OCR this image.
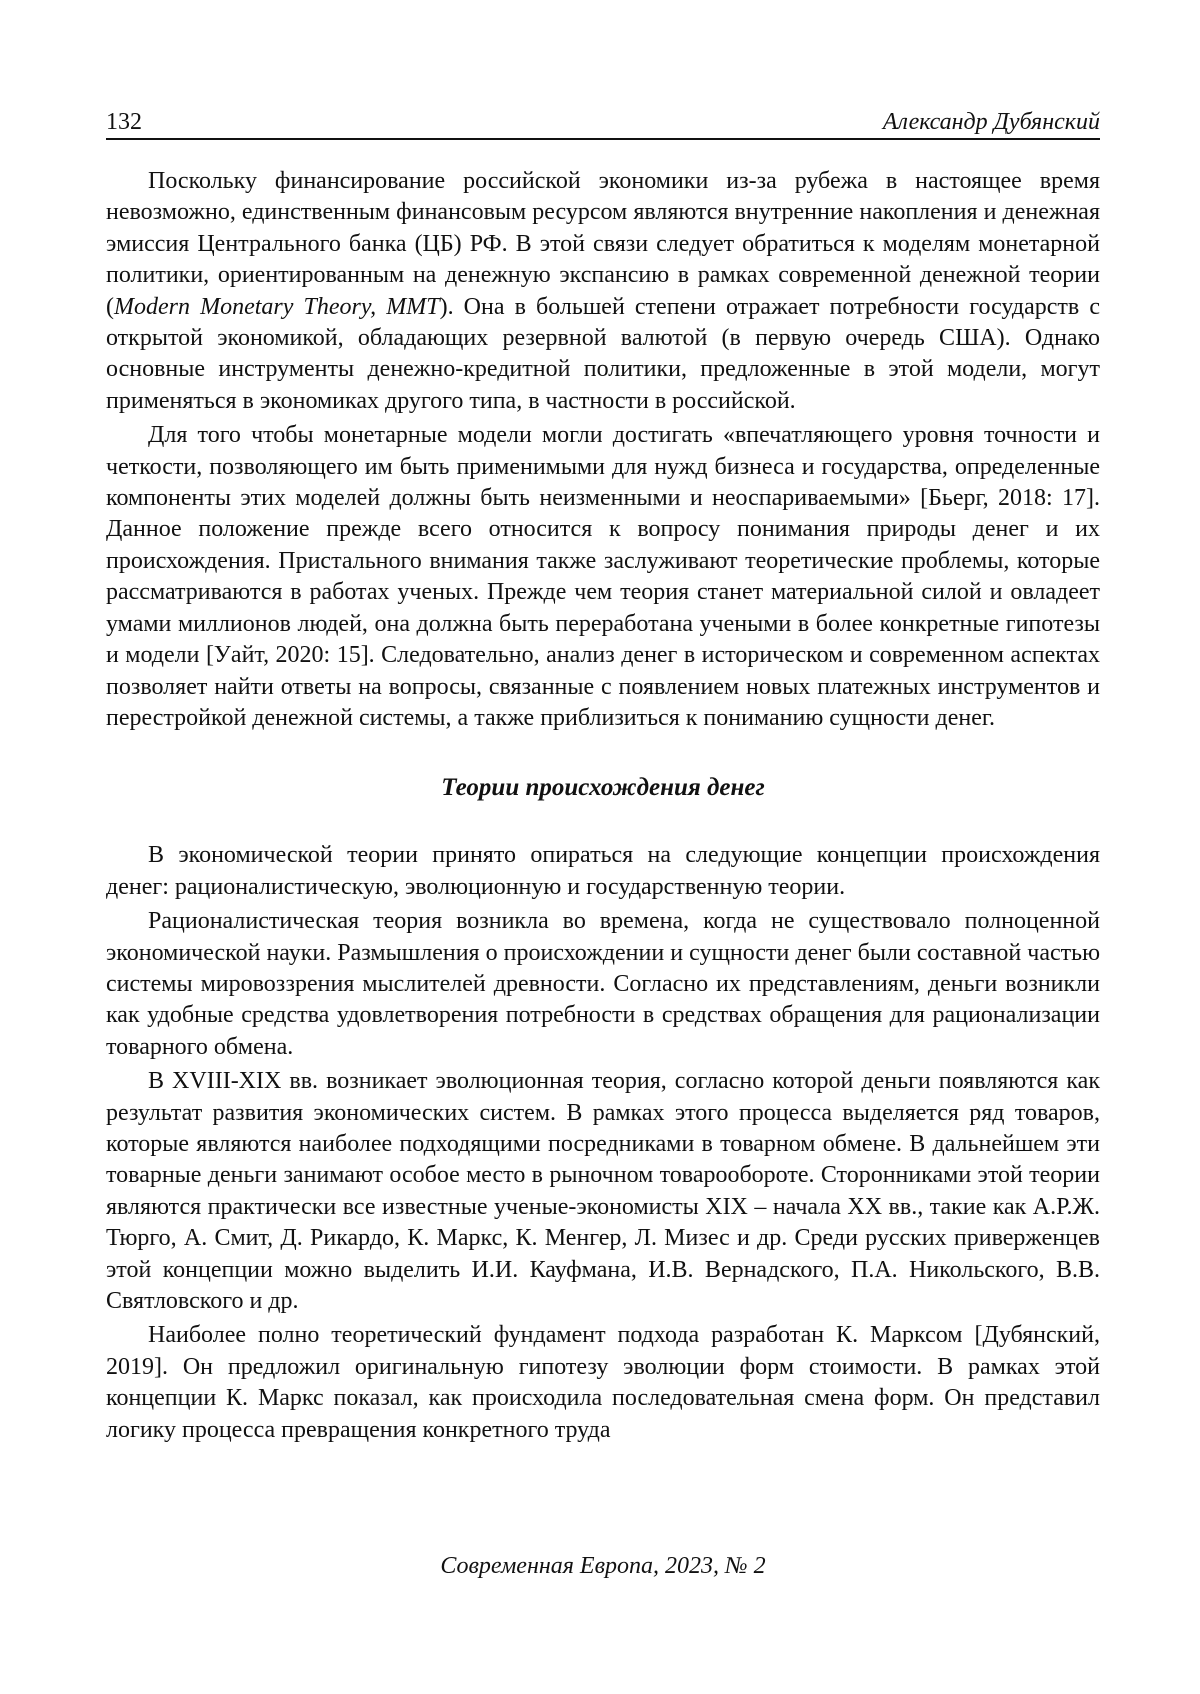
132	Александр Дубянский

Поскольку финансирование российской экономики из-за рубежа в настоящее время невозможно, единственным финансовым ресурсом являются внутренние накопления и денежная эмиссия Центрального банка (ЦБ) РФ. В этой связи следует обратиться к моделям монетарной политики, ориентированным на денежную экспансию в рамках современной денежной теории (Modern Monetary Theory, MMT). Она в большей степени отражает потребности государств с открытой экономикой, обладающих резервной валютой (в первую очередь США). Однако основные инструменты денежно-кредитной политики, предложенные в этой модели, могут применяться в экономиках другого типа, в частности в российской.

Для того чтобы монетарные модели могли достигать «впечатляющего уровня точности и четкости, позволяющего им быть применимыми для нужд бизнеса и государства, определенные компоненты этих моделей должны быть неизменными и неоспариваемыми» [Бьерг, 2018: 17]. Данное положение прежде всего относится к вопросу понимания природы денег и их происхождения. Пристального внимания также заслуживают теоретические проблемы, которые рассматриваются в работах ученых. Прежде чем теория станет материальной силой и овладеет умами миллионов людей, она должна быть переработана учеными в более конкретные гипотезы и модели [Уайт, 2020: 15]. Следовательно, анализ денег в историческом и современном аспектах позволяет найти ответы на вопросы, связанные с появлением новых платежных инструментов и перестройкой денежной системы, а также приблизиться к пониманию сущности денег.

Теории происхождения денег

В экономической теории принято опираться на следующие концепции происхождения денег: рационалистическую, эволюционную и государственную теории.

Рационалистическая теория возникла во времена, когда не существовало полноценной экономической науки. Размышления о происхождении и сущности денег были составной частью системы мировоззрения мыслителей древности. Согласно их представлениям, деньги возникли как удобные средства удовлетворения потребности в средствах обращения для рационализации товарного обмена.

В XVIII-XIX вв. возникает эволюционная теория, согласно которой деньги появляются как результат развития экономических систем. В рамках этого процесса выделяется ряд товаров, которые являются наиболее подходящими посредниками в товарном обмене. В дальнейшем эти товарные деньги занимают особое место в рыночном товарообороте. Сторонниками этой теории являются практически все известные ученые-экономисты XIX – начала XX вв., такие как А.Р.Ж. Тюрго, А. Смит, Д. Рикардо, К. Маркс, К. Менгер, Л. Мизес и др. Среди русских приверженцев этой концепции можно выделить И.И. Кауфмана, И.В. Вернадского, П.А. Никольского, В.В. Святловского и др.

Наиболее полно теоретический фундамент подхода разработан К. Марксом [Дубянский, 2019]. Он предложил оригинальную гипотезу эволюции форм стоимости. В рамках этой концепции К. Маркс показал, как происходила последовательная смена форм. Он представил логику процесса превращения конкретного труда

Современная Европа, 2023, № 2
